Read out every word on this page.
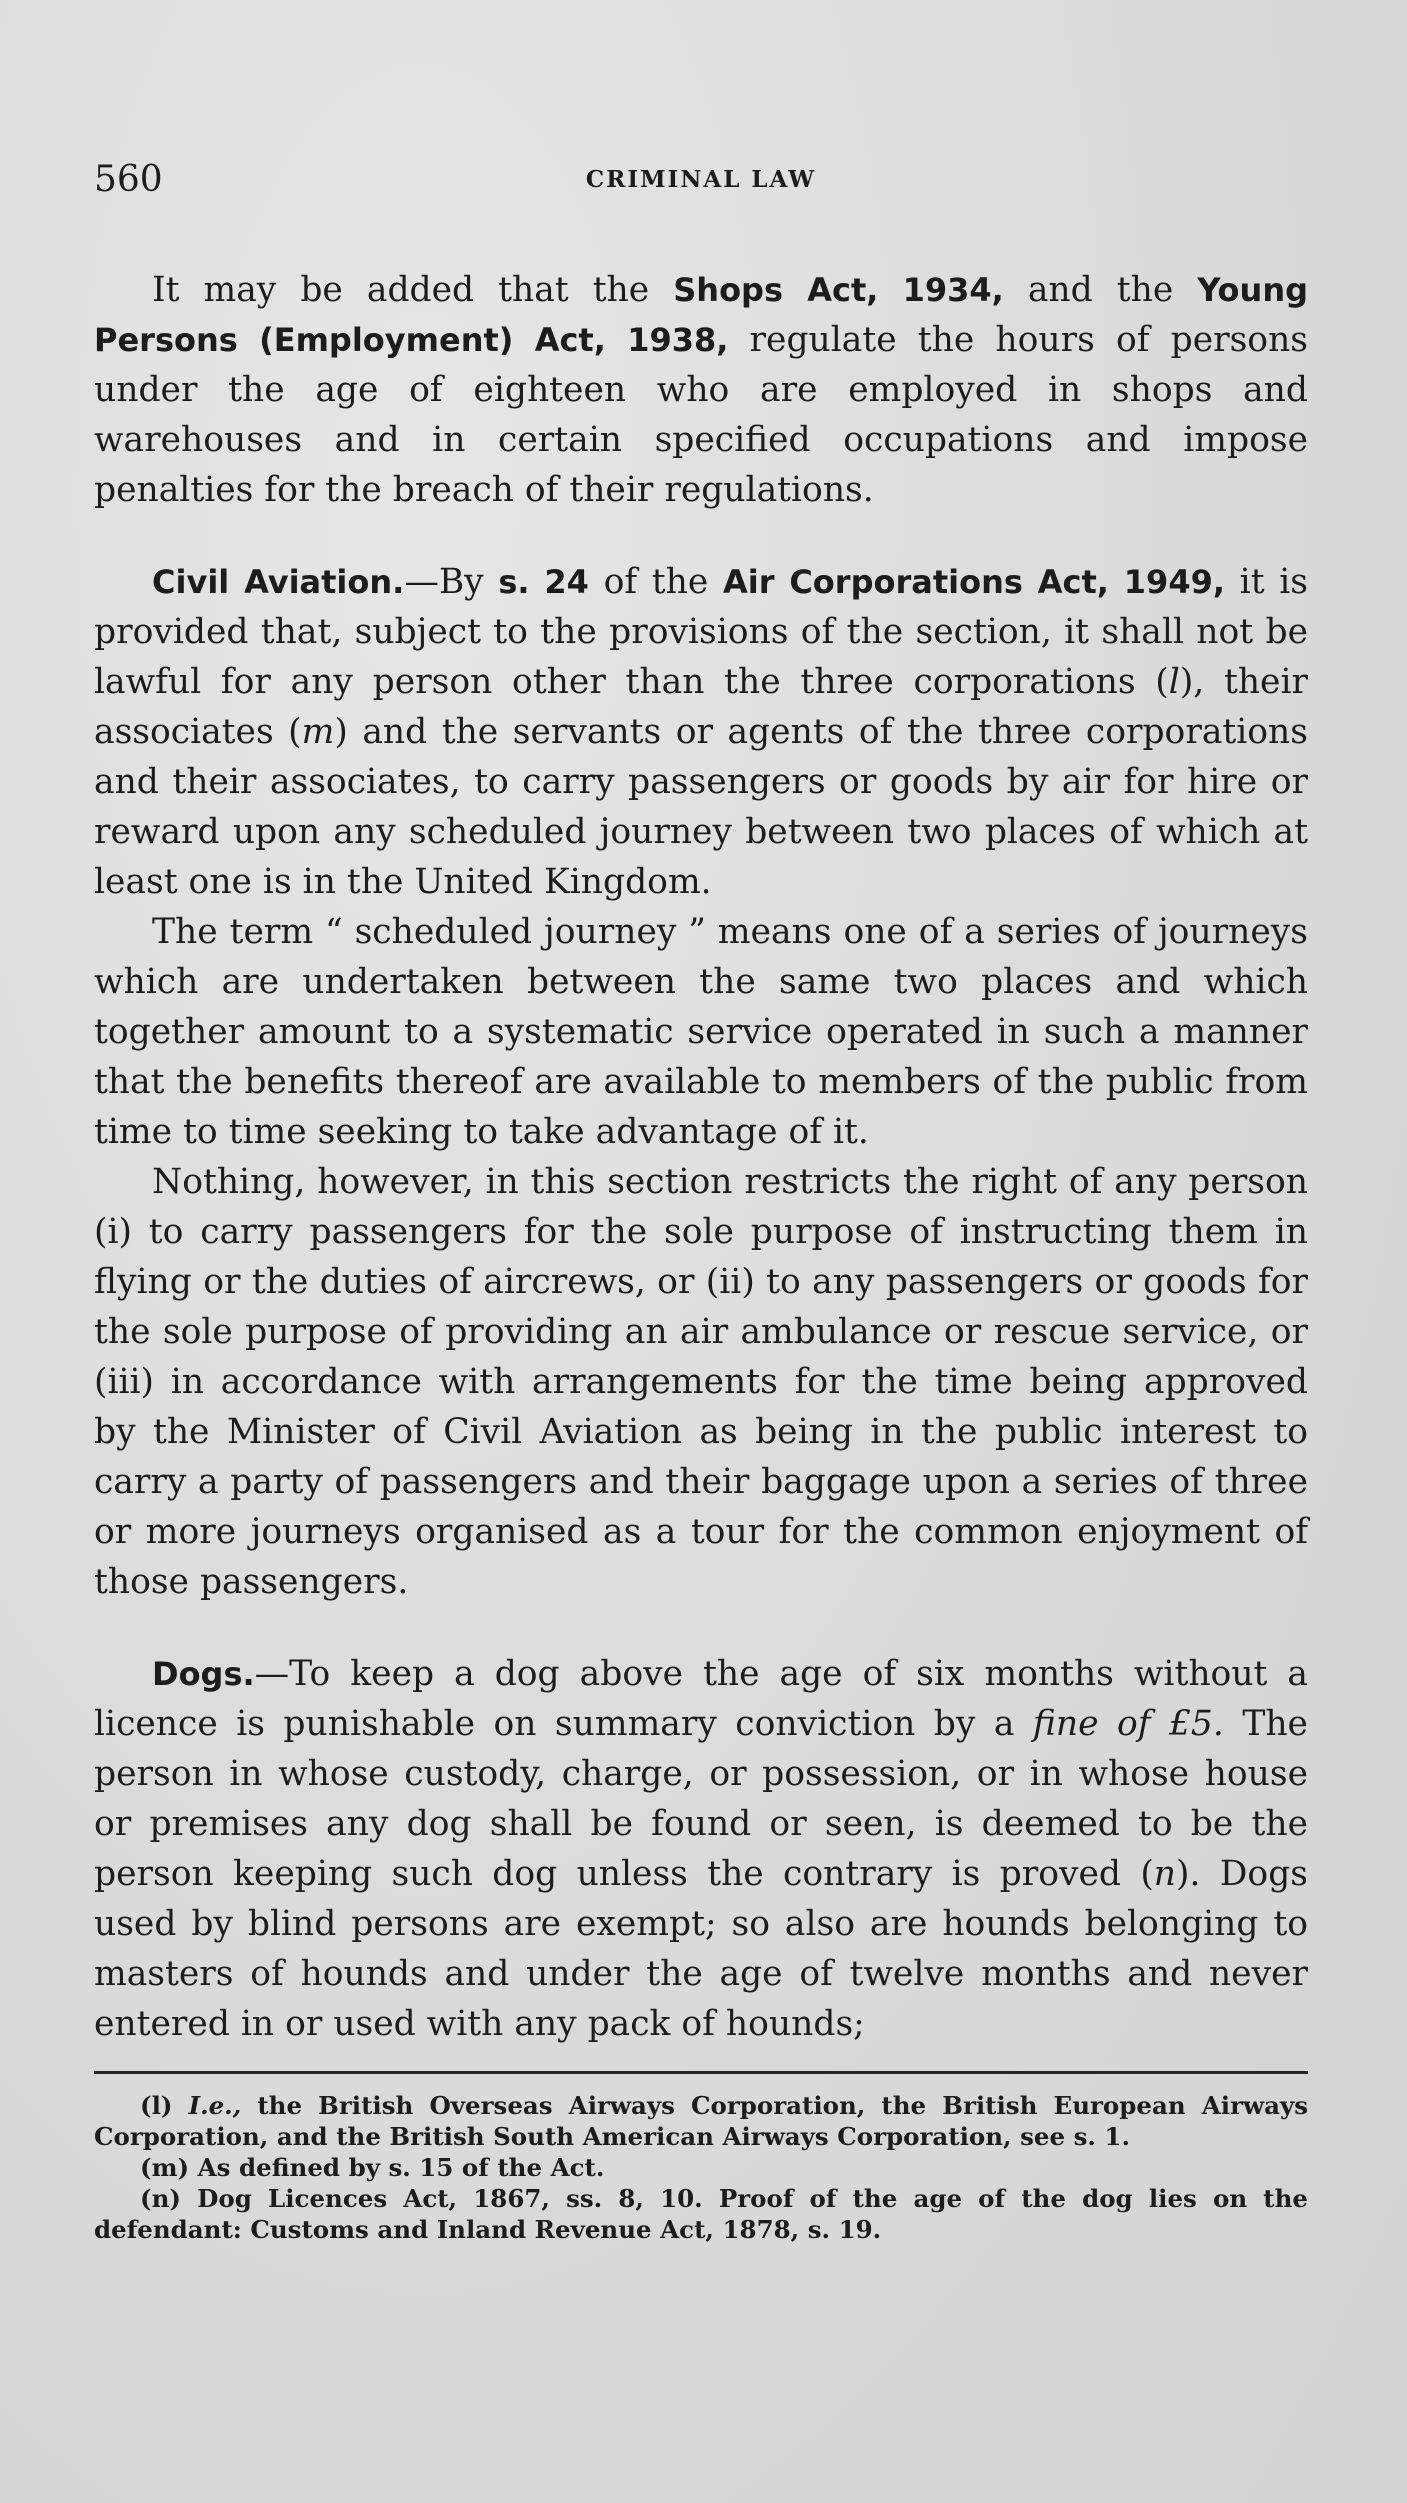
560	CRIMINAL LAW

It may be added that the Shops Act, 1934, and the Young Persons (Employment) Act, 1938, regulate the hours of persons under the age of eighteen who are employed in shops and warehouses and in certain specified occupations and impose penalties for the breach of their regulations.

Civil Aviation.—By s. 24 of the Air Corporations Act, 1949, it is provided that, subject to the provisions of the section, it shall not be lawful for any person other than the three corporations (l), their associates (m) and the servants or agents of the three corporations and their associates, to carry passengers or goods by air for hire or reward upon any scheduled journey between two places of which at least one is in the United Kingdom.

The term “ scheduled journey ” means one of a series of journeys which are undertaken between the same two places and which together amount to a systematic service operated in such a manner that the benefits thereof are available to members of the public from time to time seeking to take advantage of it.

Nothing, however, in this section restricts the right of any person (i) to carry passengers for the sole purpose of instructing them in flying or the duties of aircrews, or (ii) to any passengers or goods for the sole purpose of providing an air ambulance or rescue service, or (iii) in accordance with arrangements for the time being approved by the Minister of Civil Aviation as being in the public interest to carry a party of passengers and their baggage upon a series of three or more journeys organised as a tour for the common enjoyment of those passengers.

Dogs.—To keep a dog above the age of six months without a licence is punishable on summary conviction by a fine of £5. The person in whose custody, charge, or possession, or in whose house or premises any dog shall be found or seen, is deemed to be the person keeping such dog unless the contrary is proved (n). Dogs used by blind persons are exempt; so also are hounds belonging to masters of hounds and under the age of twelve months and never entered in or used with any pack of hounds;

(l) I.e., the British Overseas Airways Corporation, the British European Airways Corporation, and the British South American Airways Corporation, see s. 1.

(m) As defined by s. 15 of the Act.

(n) Dog Licences Act, 1867, ss. 8, 10. Proof of the age of the dog lies on the defendant: Customs and Inland Revenue Act, 1878, s. 19.
